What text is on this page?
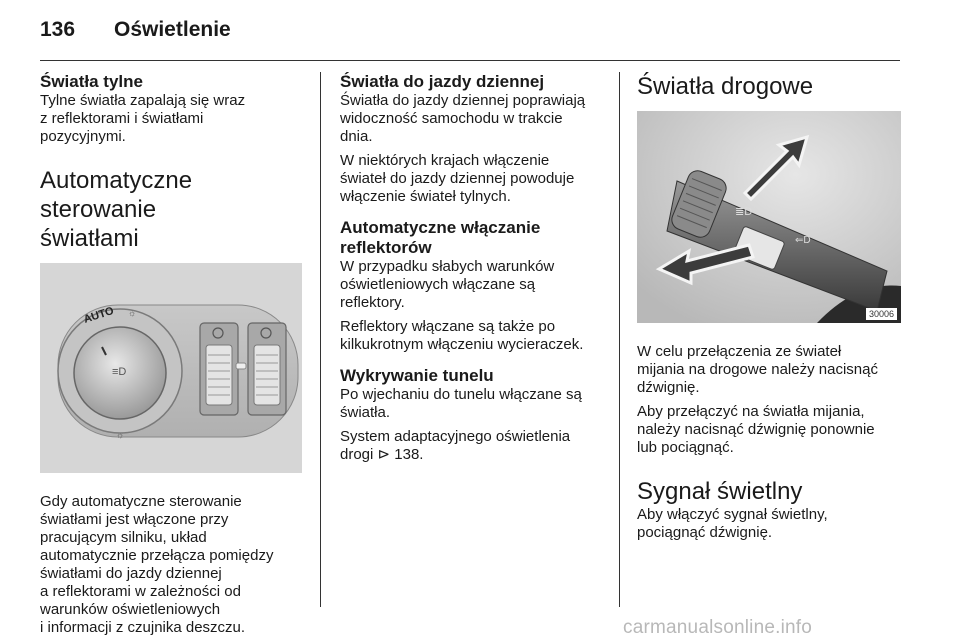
136 Oświetlenie
Światła tylne

Tylne światła zapalają się wraz
z reflektorami i światłami
pozycyjnymi.

Automatyczne sterowanie
światłami
≡D
AUTO ☼
☼

Gdy automatyczne sterowanie
światłami jest włączone przy
pracującym silniku, układ
automatycznie przełącza pomiędzy
światłami do jazdy dziennej
a reflektorami w zależności od
warunków oświetleniowych
i informacji z czujnika deszczu.

Światła do jazdy dziennej

Światła do jazdy dziennej poprawiają
widoczność samochodu w trakcie
dnia.

W niektórych krajach włączenie
świateł do jazdy dziennej powoduje
włączenie świateł tylnych.

Automatyczne włączanie
reflektorów

W przypadku słabych warunków
oświetleniowych włączane są
reflektory.

Reflektory włączane są także po
kilkukrotnym włączeniu wycieraczek.

Wykrywanie tunelu

Po wjechaniu do tunelu włączane są
światła.

System adaptacyjnego oświetlenia
drogi ⊳ 138.

Światła drogowe
≣D
⇐D
30006

W celu przełączenia ze świateł
mijania na drogowe należy nacisnąć
dźwignię.

Aby przełączyć na światła mijania,
należy nacisnąć dźwignię ponownie
lub pociągnąć.

Sygnał świetlny

Aby włączyć sygnał świetlny,
pociągnąć dźwignię.

carmanualsonline.info
